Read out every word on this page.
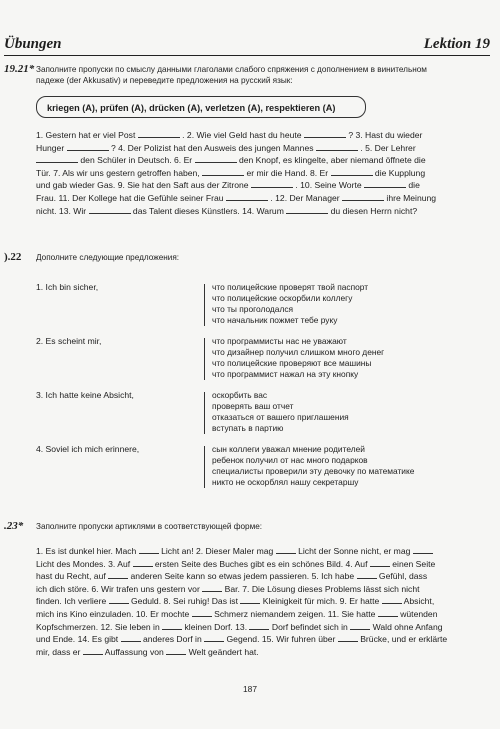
Übungen	Lektion 19
19.21* Заполните пропуски по смыслу данными глаголами слабого спряжения с дополнением в винительном
падеже (der Akkusativ) и переведите предложения на русский язык:
kriegen (A), prüfen (A), drücken (A), verletzen (A), respektieren (A)
1. Gestern hat er viel Post	. 2. Wie viel Geld hast du heute	? 3. Hast du wieder
Hunger	? 4. Der Polizist hat den Ausweis des jungen Mannes	. 5. Der Lehrer
den Schüler in Deutsch. 6. Er	den Knopf, es klingelte, aber niemand öffnete die
Tür. 7. Als wir uns gestern getroffen haben,	er mir die Hand. 8. Er	die Kupplung
und gab wieder Gas. 9. Sie hat den Saft aus der Zitrone	. 10. Seine Worte	die
Frau. 11. Der Kollege hat die Gefühle seiner Frau	. 12. Der Manager	ihre Meinung
nicht. 13. Wir	das Talent dieses Künstlers. 14. Warum	du diesen Herrn nicht?
).22 Дополните следующие предложения:
1. Ich bin sicher,	что полицейские проверят твой паспорт
что полицейские оскорбили коллегу
что ты проголодался
что начальник пожмет тебе руку
2. Es scheint mir,	что программисты нас не уважают
что дизайнер получил слишком много денег
что полицейские проверяют все машины
что программист нажал на эту кнопку
3. Ich hatte keine Absicht,	оскорбить вас
проверять ваш отчет
отказаться от вашего приглашения
вступать в партию
4. Soviel ich mich erinnere,	сын коллеги уважал мнение родителей
ребенок получил от нас много подарков
специалисты проверили эту девочку по математике
никто не оскорблял нашу секретаршу
.23* Заполните пропуски артиклями в соответствующей форме:
1. Es ist dunkel hier. Mach  Licht an! 2. Dieser Maler mag  Licht der Sonne nicht, er mag
Licht des Mondes. 3. Auf  ersten Seite des Buches gibt es ein schönes Bild. 4. Auf  einen Seite
hast du Recht, auf  anderen Seite kann so etwas jedem passieren. 5. Ich habe  Gefühl, dass
ich dich störe. 6. Wir trafen uns gestern vor  Bar. 7. Die Lösung dieses Problems lässt sich nicht
finden. Ich verliere  Geduld. 8. Sei ruhig! Das ist  Kleinigkeit für mich. 9. Er hatte  Absicht,
mich ins Kino einzuladen. 10. Er mochte  Schmerz niemandem zeigen. 11. Sie hatte  wütenden
Kopfschmerzen. 12. Sie leben in  kleinen Dorf. 13.  Dorf befindet sich in  Wald ohne Anfang
und Ende. 14. Es gibt  anderes Dorf in  Gegend. 15. Wir fuhren über  Brücke, und er erklärte
mir, dass er  Auffassung von  Welt geändert hat.
187
